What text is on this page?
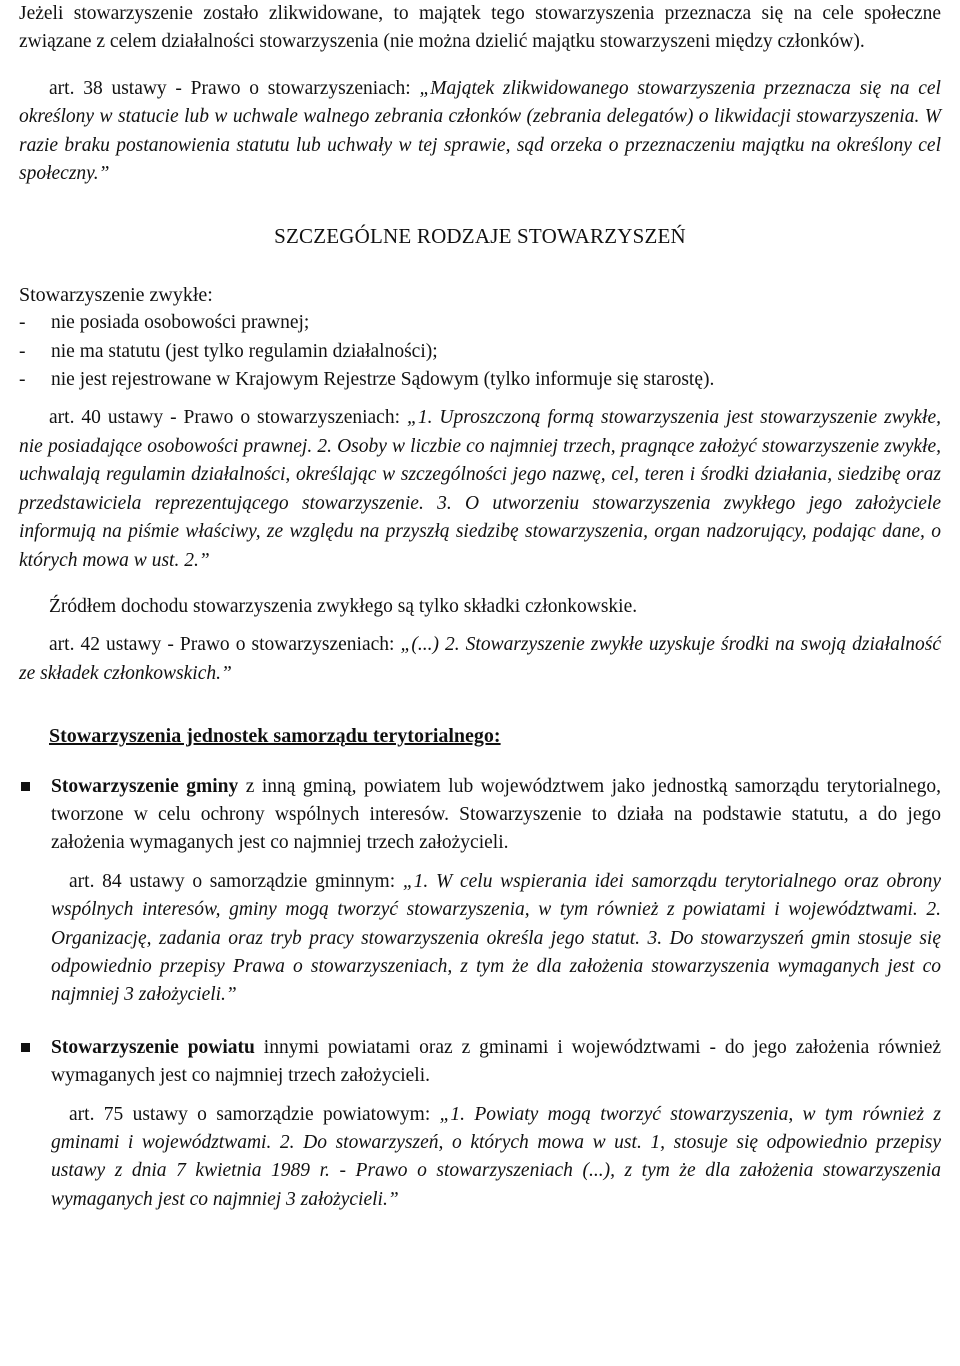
Jeżeli stowarzyszenie zostało zlikwidowane, to majątek tego stowarzyszenia przeznacza się na cele społeczne związane z celem działalności stowarzyszenia (nie można dzielić majątku stowarzyszeni między członków).

art. 38 ustawy - Prawo o stowarzyszeniach: „Majątek zlikwidowanego stowarzyszenia przeznacza się na cel określony w statucie lub w uchwale walnego zebrania członków (zebrania delegatów) o likwidacji stowarzyszenia. W razie braku postanowienia statutu lub uchwały w tej sprawie, sąd orzeka o przeznaczeniu majątku na określony cel społeczny.”

SZCZEGÓLNE RODZAJE STOWARZYSZEŃ

Stowarzyszenie zwykłe:

- nie posiada osobowości prawnej;
- nie ma statutu (jest tylko regulamin działalności);
- nie jest rejestrowane w Krajowym Rejestrze Sądowym (tylko informuje się starostę).

art. 40 ustawy - Prawo o stowarzyszeniach: „1. Uproszczoną formą stowarzyszenia jest stowarzyszenie zwykłe, nie posiadające osobowości prawnej. 2. Osoby w liczbie co najmniej trzech, pragnące założyć stowarzyszenie zwykłe, uchwalają regulamin działalności, określając w szczególności jego nazwę, cel, teren i środki działania, siedzibę oraz przedstawiciela reprezentującego stowarzyszenie. 3. O utworzeniu stowarzyszenia zwykłego jego założyciele informują na piśmie właściwy, ze względu na przyszłą siedzibę stowarzyszenia, organ nadzorujący, podając dane, o których mowa w ust. 2.”

Źródłem dochodu stowarzyszenia zwykłego są tylko składki członkowskie.

art. 42 ustawy - Prawo o stowarzyszeniach: „(...) 2. Stowarzyszenie zwykłe uzyskuje środki na swoją działalność ze składek członkowskich.”

Stowarzyszenia jednostek samorządu terytorialnego:

Stowarzyszenie gminy z inną gminą, powiatem lub województwem jako jednostką samorządu terytorialnego, tworzone w celu ochrony wspólnych interesów. Stowarzyszenie to działa na podstawie statutu, a do jego założenia wymaganych jest co najmniej trzech założycieli.

art. 84 ustawy o samorządzie gminnym: „1. W celu wspierania idei samorządu terytorialnego oraz obrony wspólnych interesów, gminy mogą tworzyć stowarzyszenia, w tym również z powiatami i województwami. 2. Organizację, zadania oraz tryb pracy stowarzyszenia określa jego statut. 3. Do stowarzyszeń gmin stosuje się odpowiednio przepisy Prawa o stowarzyszeniach, z tym że dla założenia stowarzyszenia wymaganych jest co najmniej 3 założycieli.”

Stowarzyszenie powiatu innymi powiatami oraz z gminami i województwami - do jego założenia również wymaganych jest co najmniej trzech założycieli.

art. 75 ustawy o samorządzie powiatowym: „1. Powiaty mogą tworzyć stowarzyszenia, w tym również z gminami i województwami. 2. Do stowarzyszeń, o których mowa w ust. 1, stosuje się odpowiednio przepisy ustawy z dnia 7 kwietnia 1989 r. - Prawo o stowarzyszeniach (...), z tym że dla założenia stowarzyszenia wymaganych jest co najmniej 3 założycieli.”
